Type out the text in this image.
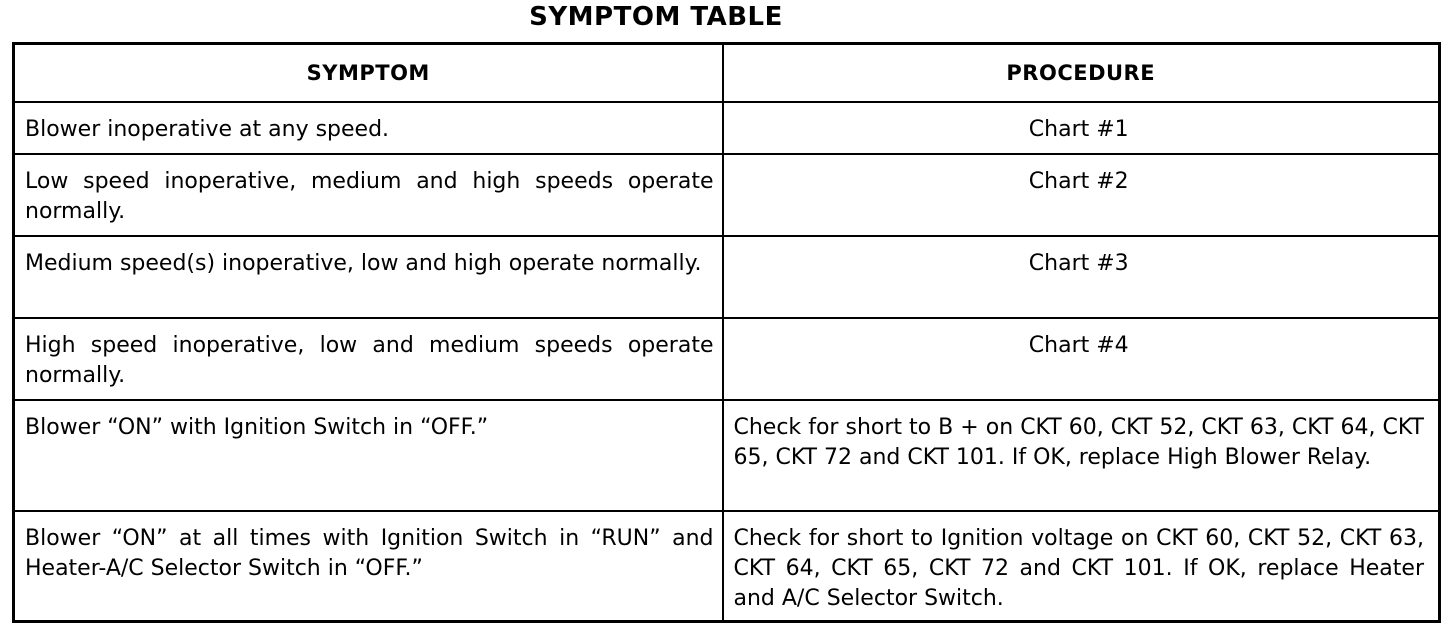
SYMPTOM TABLE
SYMPTOM	PROCEDURE
Blower inoperative at any speed.	Chart #1
Low speed inoperative, medium and high speeds operate normally.	Chart #2
Medium speed(s) inoperative, low and high operate normally.	Chart #3
High speed inoperative, low and medium speeds operate normally.	Chart #4
Blower “ON” with Ignition Switch in “OFF.”	Check for short to B + on CKT 60, CKT 52, CKT 63, CKT 64, CKT 65, CKT 72 and CKT 101. If OK, replace High Blower Relay.
Blower “ON” at all times with Ignition Switch in “RUN” and Heater-A/C Selector Switch in “OFF.”	Check for short to Ignition voltage on CKT 60, CKT 52, CKT 63, CKT 64, CKT 65, CKT 72 and CKT 101. If OK, replace Heater and A/C Selector Switch.
